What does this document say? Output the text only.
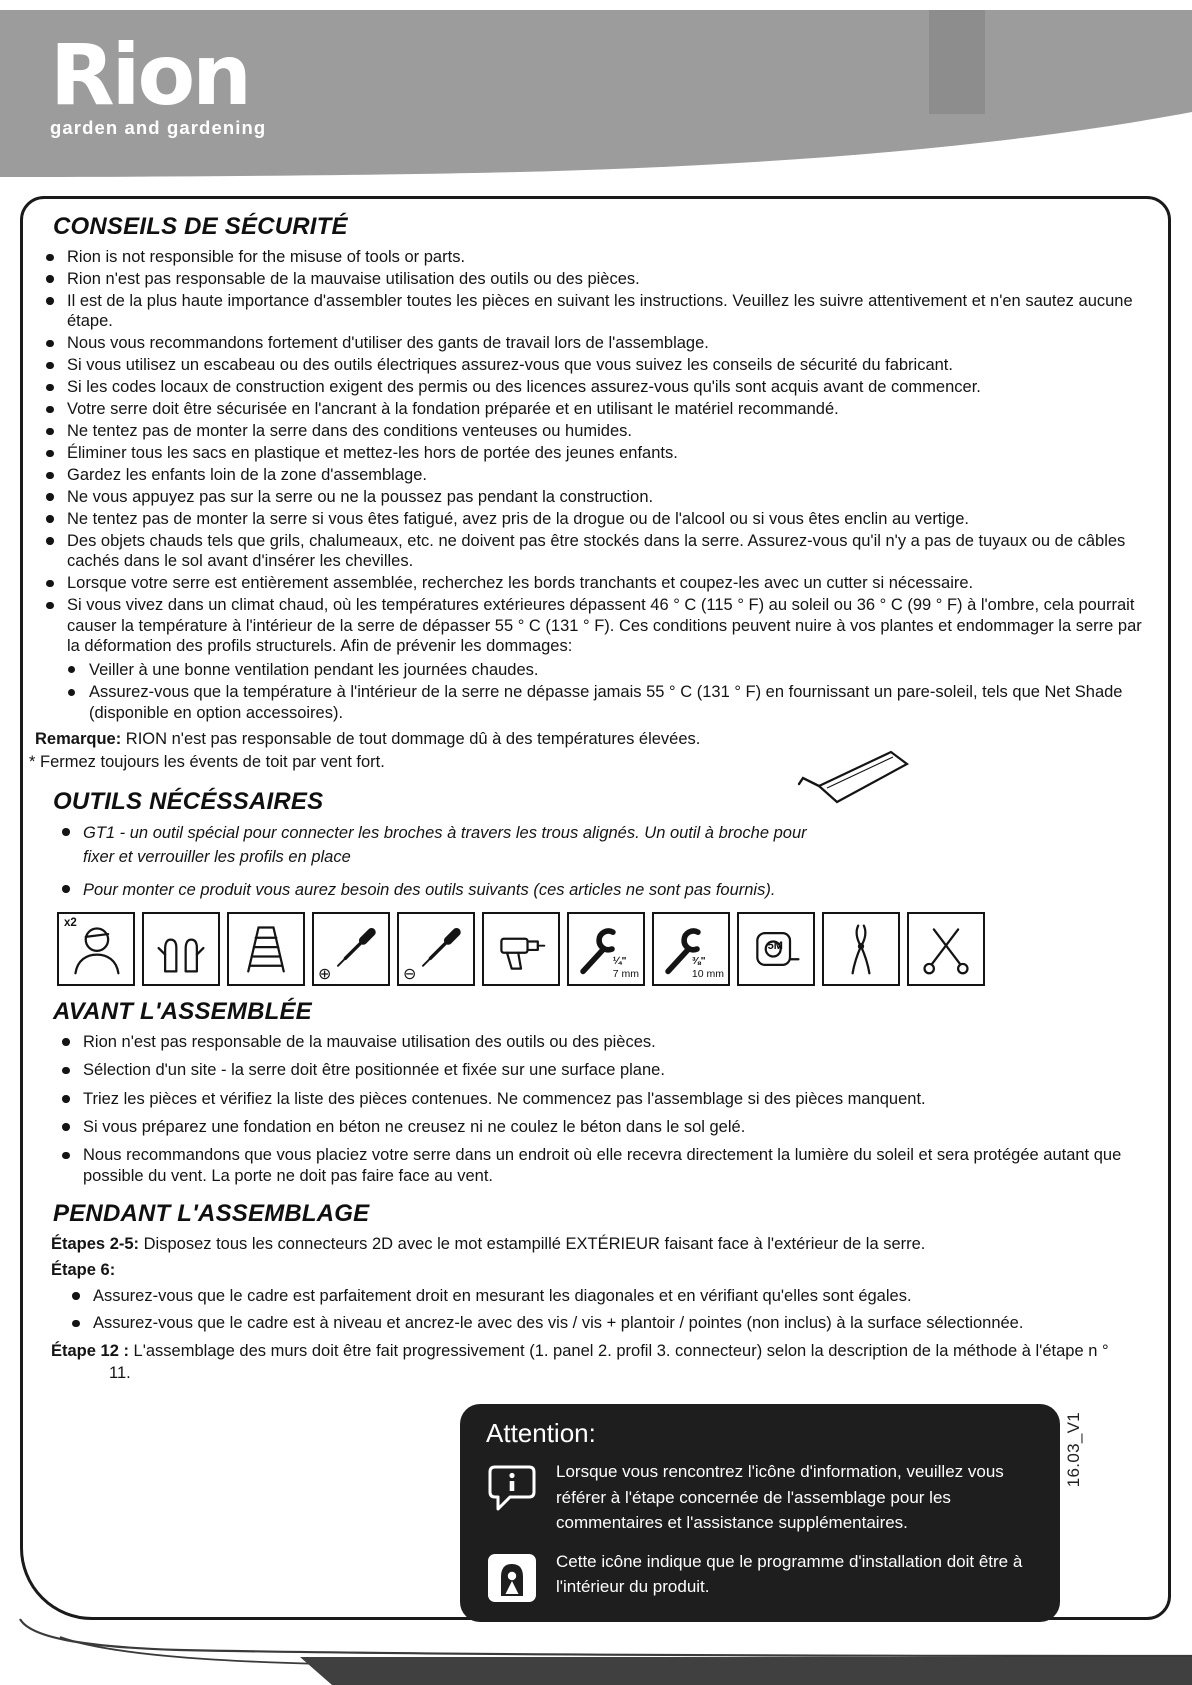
Rion
garden and gardening
CONSEILS DE SÉCURITÉ
Rion is not responsible for the misuse of tools or parts.
Rion n'est pas responsable de la mauvaise utilisation des outils ou des pièces.
Il est de la plus haute importance d'assembler toutes les pièces en suivant les instructions. Veuillez les suivre attentivement et n'en sautez aucune étape.
Nous vous recommandons fortement d'utiliser des gants de travail lors de l'assemblage.
Si vous utilisez un escabeau ou des outils électriques assurez-vous que vous suivez les conseils de sécurité du fabricant.
Si les codes locaux de construction exigent des permis ou des licences assurez-vous qu'ils sont acquis avant de commencer.
Votre serre doit être sécurisée en l'ancrant à la fondation préparée et en utilisant le matériel recommandé.
Ne tentez pas de monter la serre dans des conditions venteuses ou humides.
Éliminer tous les sacs en plastique et mettez-les hors de portée des jeunes enfants.
Gardez les enfants loin de la zone d'assemblage.
Ne vous appuyez pas sur la serre ou ne la poussez pas pendant la construction.
Ne tentez pas de monter la serre si vous êtes fatigué, avez pris de la drogue ou de l'alcool ou si vous êtes enclin au vertige.
Des objets chauds tels que grils, chalumeaux, etc. ne doivent pas être stockés dans la serre. Assurez-vous qu'il n'y a pas de tuyaux ou de câbles cachés dans le sol avant d'insérer les chevilles.
Lorsque votre serre est entièrement assemblée, recherchez les bords tranchants et coupez-les avec un cutter si nécessaire.
Si vous vivez dans un climat chaud, où les températures extérieures dépassent 46 ° C (115 ° F) au soleil ou 36 ° C (99 ° F) à l'ombre, cela pourrait causer la température à l'intérieur de la serre de dépasser 55 ° C (131 ° F). Ces conditions peuvent nuire à vos plantes et endommager la serre par la déformation des profils structurels. Afin de prévenir les dommages:
Veiller à une bonne ventilation pendant les journées chaudes.
Assurez-vous que la température à l'intérieur de la serre ne dépasse jamais 55 ° C (131 ° F) en fournissant un pare-soleil, tels que Net Shade (disponible en option accessoires).

Remarque: RION n'est pas responsable de tout dommage dû à des températures élevées.

* Fermez toujours les évents de toit par vent fort.

OUTILS NÉCÉSSAIRES
GT1 - un outil spécial pour connecter les broches à travers les trous alignés. Un outil à broche pour fixer et verrouiller les profils en place
Pour monter ce produit vous aurez besoin des outils suivants (ces articles ne sont pas fournis).
x2
⊕	⊖
¼"
7 mm
⅜"
10 mm
5M
AVANT L'ASSEMBLÉE
Rion n'est pas responsable de la mauvaise utilisation des outils ou des pièces.
Sélection d'un site - la serre doit être positionnée et fixée sur une surface plane.
Triez les pièces et vérifiez la liste des pièces contenues. Ne commencez pas l'assemblage si des pièces manquent.
Si vous préparez une fondation en béton ne creusez ni ne coulez le béton dans le sol gelé.
Nous recommandons que vous placiez votre serre dans un endroit où elle recevra directement la lumière du soleil et sera protégée autant que possible du vent. La porte ne doit pas faire face au vent.
PENDANT L'ASSEMBLAGE

Étapes 2-5: Disposez tous les connecteurs 2D avec le mot estampillé EXTÉRIEUR faisant face à l'extérieur de la serre.

Étape 6:

Assurez-vous que le cadre est parfaitement droit en mesurant les diagonales et en vérifiant qu'elles sont égales.
Assurez-vous que le cadre est à niveau et ancrez-le avec des vis / vis + plantoir / pointes (non inclus) à la surface sélectionnée.

Étape 12 : L'assemblage des murs doit être fait progressivement (1. panel 2. profil 3. connecteur) selon la description de la méthode à l'étape n ° 11.

Attention:

Lorsque vous rencontrez l'icône d'information, veuillez vous référer à l'étape concernée de l'assemblage pour les commentaires et l'assistance supplémentaires.

Cette icône indique que le programme d'installation doit être à l'intérieur du produit.

16.03_V1
